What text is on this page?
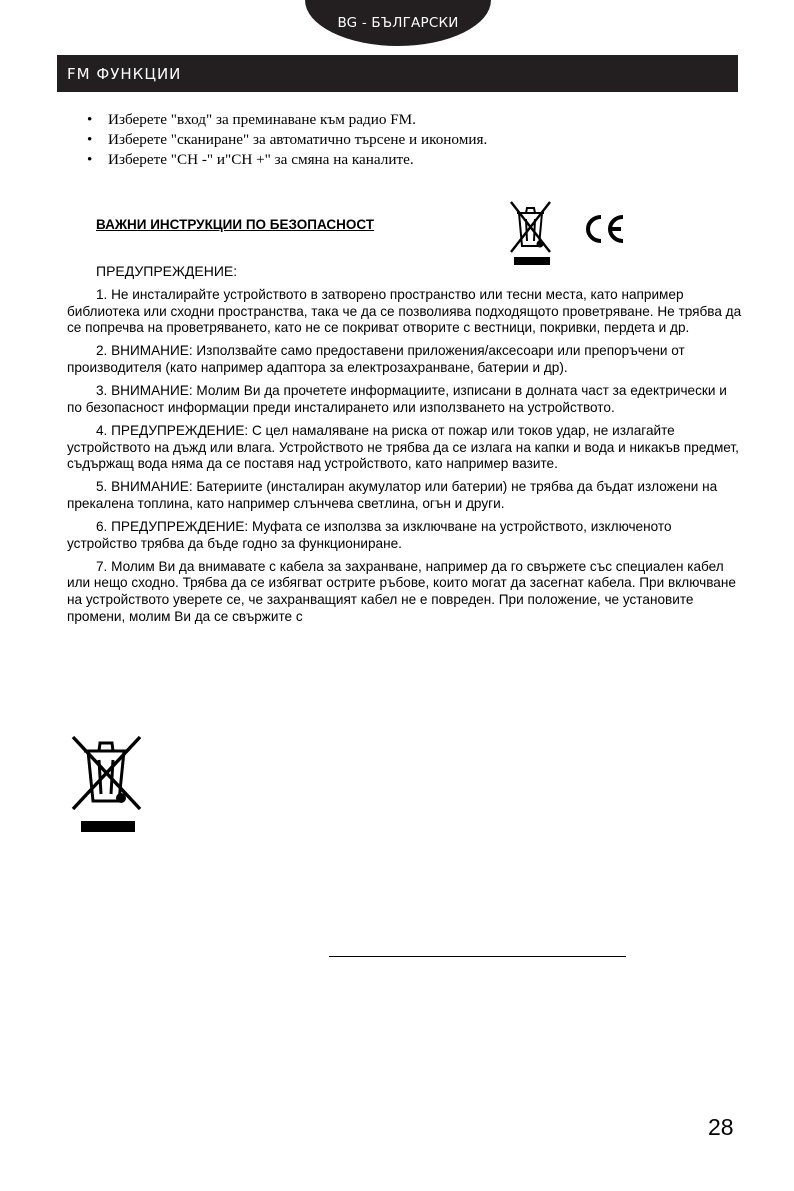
BG - БЪЛГАРСКИ
FM ФУНКЦИИ
• Изберете "вход" за преминаване към радио FM.
• Изберете "сканиране" за автоматично търсене и икономия.
• Изберете "CH -" и"CH +" за смяна на каналите.
ВАЖНИ ИНСТРУКЦИИ ПО БЕЗОПАСНОСТ
ПРЕДУПРЕЖДЕНИЕ:

1. Не инсталирайте устройството в затворено пространство или тесни места, като например библиотека или сходни пространства, така че да се позволиява подходящото проветряване. Не трябва да се попречва на проветряването, като не се покриват отворите с вестници, покривки, пердета и др.

2. ВНИМАНИЕ: Използвайте само предоставени приложения/аксесоари или препоръчени от производителя (като например адаптора за електрозахранване, батерии и др).

3. ВНИМАНИЕ: Молим Ви да прочетете информациите, изписани в долната част за едектрически и по безопасност информации преди инсталирането или използването на устройството.

4. ПРЕДУПРЕЖДЕНИЕ: С цел намаляване на риска от пожар или токов удар, не излагайте устройството на дъжд или влага. Устройството не трябва да се излага на капки и вода и никакъв предмет, съдържащ вода няма да се поставя над устройството, като например вазите.

5. ВНИМАНИЕ: Батериите (инсталиран акумулатор или батерии) не трябва да бъдат изложени на прекалена топлина, като например слънчева светлина, огън и други.

6. ПРЕДУПРЕЖДЕНИЕ: Муфата се използва за изключване на устройството, изключеното устройство трябва да бъде годно за функциониране.

7. Молим Ви да внимавате с кабела за захранване, например да го свържете със специален кабел или нещо сходно. Трябва да се избягват острите ръбове, които могат да засегнат кабела. При включване на устройството уверете се, че захранващият кабел не е повреден. При положение, че установите промени, молим Ви да се свържите с

28
